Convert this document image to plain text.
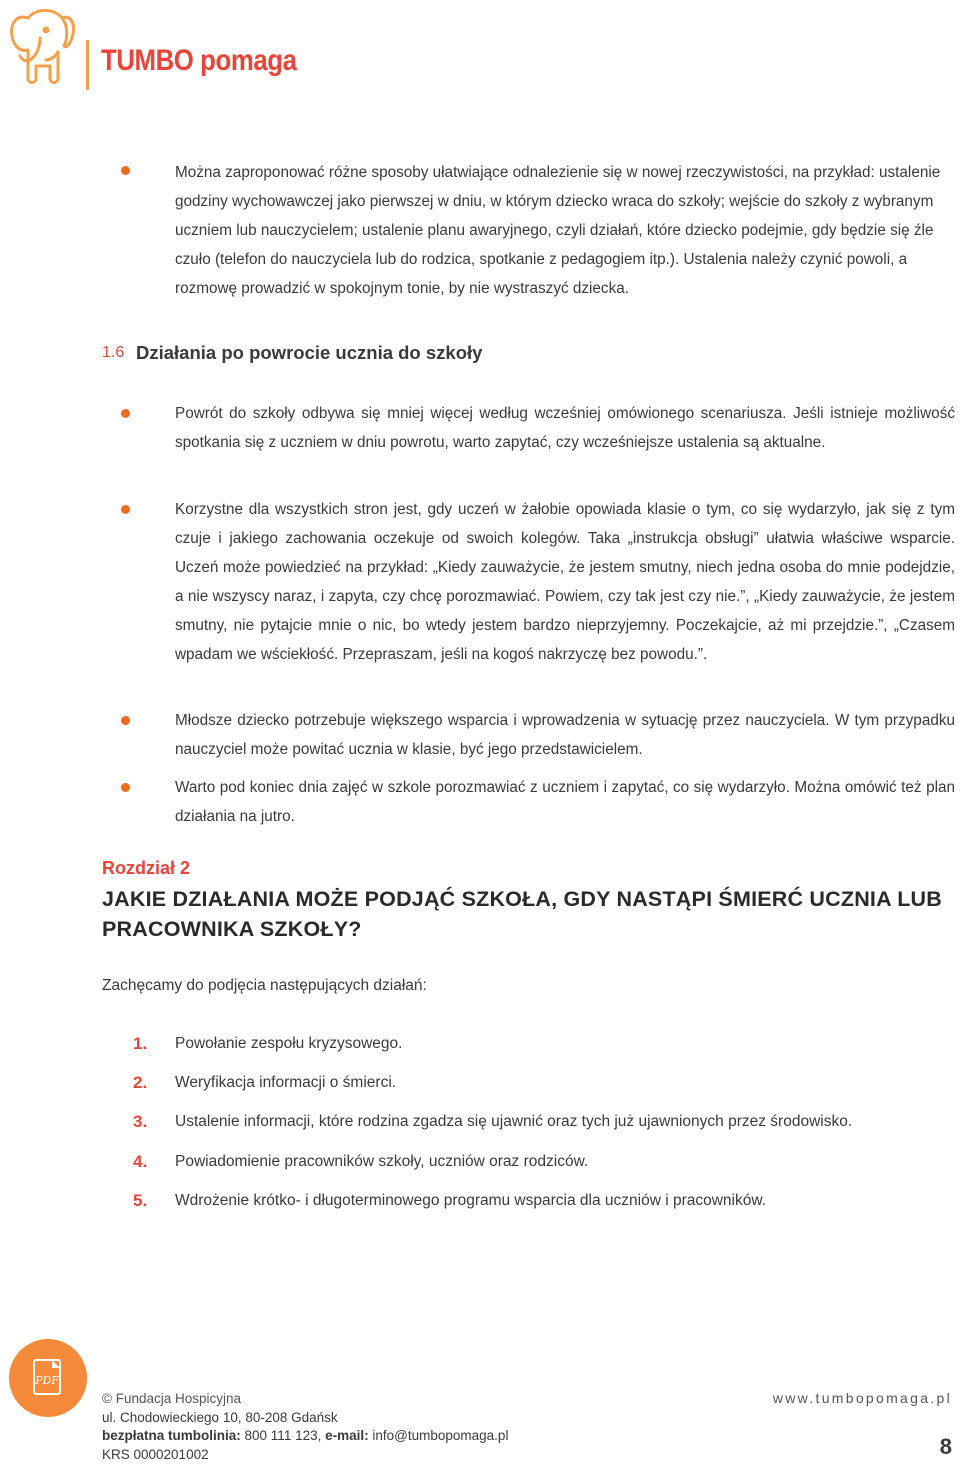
TUMBO pomaga

Można zaproponować różne sposoby ułatwiające odnalezienie się w nowej rzeczywistości, na przykład: ustalenie godziny wychowawczej jako pierwszej w dniu, w którym dziecko wraca do szkoły; wejście do szkoły z wybranym uczniem lub nauczycielem; ustalenie planu awaryjnego, czyli działań, które dziecko podejmie, gdy będzie się źle czuło (telefon do nauczyciela lub do rodzica, spotkanie z pedagogiem itp.). Ustalenia należy czynić powoli, a rozmowę prowadzić w spokojnym tonie, by nie wystraszyć dziecka.

1.6 Działania po powrocie ucznia do szkoły

Powrót do szkoły odbywa się mniej więcej według wcześniej omówionego scenariusza. Jeśli istnieje możliwość spotkania się z uczniem w dniu powrotu, warto zapytać, czy wcześniejsze ustalenia są aktualne.

Korzystne dla wszystkich stron jest, gdy uczeń w żałobie opowiada klasie o tym, co się wydarzyło, jak się z tym czuje i jakiego zachowania oczekuje od swoich kolegów. Taka „instrukcja obsługi” ułatwia właściwe wsparcie. Uczeń może powiedzieć na przykład: „Kiedy zauważycie, że jestem smutny, niech jedna osoba do mnie podejdzie, a nie wszyscy naraz, i zapyta, czy chcę porozmawiać. Powiem, czy tak jest czy nie.”, „Kiedy zauważycie, że jestem smutny, nie pytajcie mnie o nic, bo wtedy jestem bardzo nieprzyjemny. Poczekajcie, aż mi przejdzie.”, „Czasem wpadam we wściekłość. Przepraszam, jeśli na kogoś nakrzyczę bez powodu.”.

Młodsze dziecko potrzebuje większego wsparcia i wprowadzenia w sytuację przez nauczyciela. W tym przypadku nauczyciel może powitać ucznia w klasie, być jego przedstawicielem.

Warto pod koniec dnia zajęć w szkole porozmawiać z uczniem i zapytać, co się wydarzyło. Można omówić też plan działania na jutro.

Rozdział 2
JAKIE DZIAŁANIA MOŻE PODJĄĆ SZKOŁA, GDY NASTĄPI ŚMIERĆ UCZNIA LUB PRACOWNIKA SZKOŁY?
Zachęcamy do podjęcia następujących działań:
1. Powołanie zespołu kryzysowego.
2. Weryfikacja informacji o śmierci.
3. Ustalenie informacji, które rodzina zgadza się ujawnić oraz tych już ujawnionych przez środowisko.
4. Powiadomienie pracowników szkoły, uczniów oraz rodziców.
5. Wdrożenie krótko- i długoterminowego programu wsparcia dla uczniów i pracowników.
PDF
© Fundacja Hospicyjna
ul. Chodowieckiego 10, 80-208 Gdańsk
bezpłatna tumbolinia: 800 111 123, e-mail: info@tumbopomaga.pl
KRS 0000201002
www.tumbopomaga.pl
8
